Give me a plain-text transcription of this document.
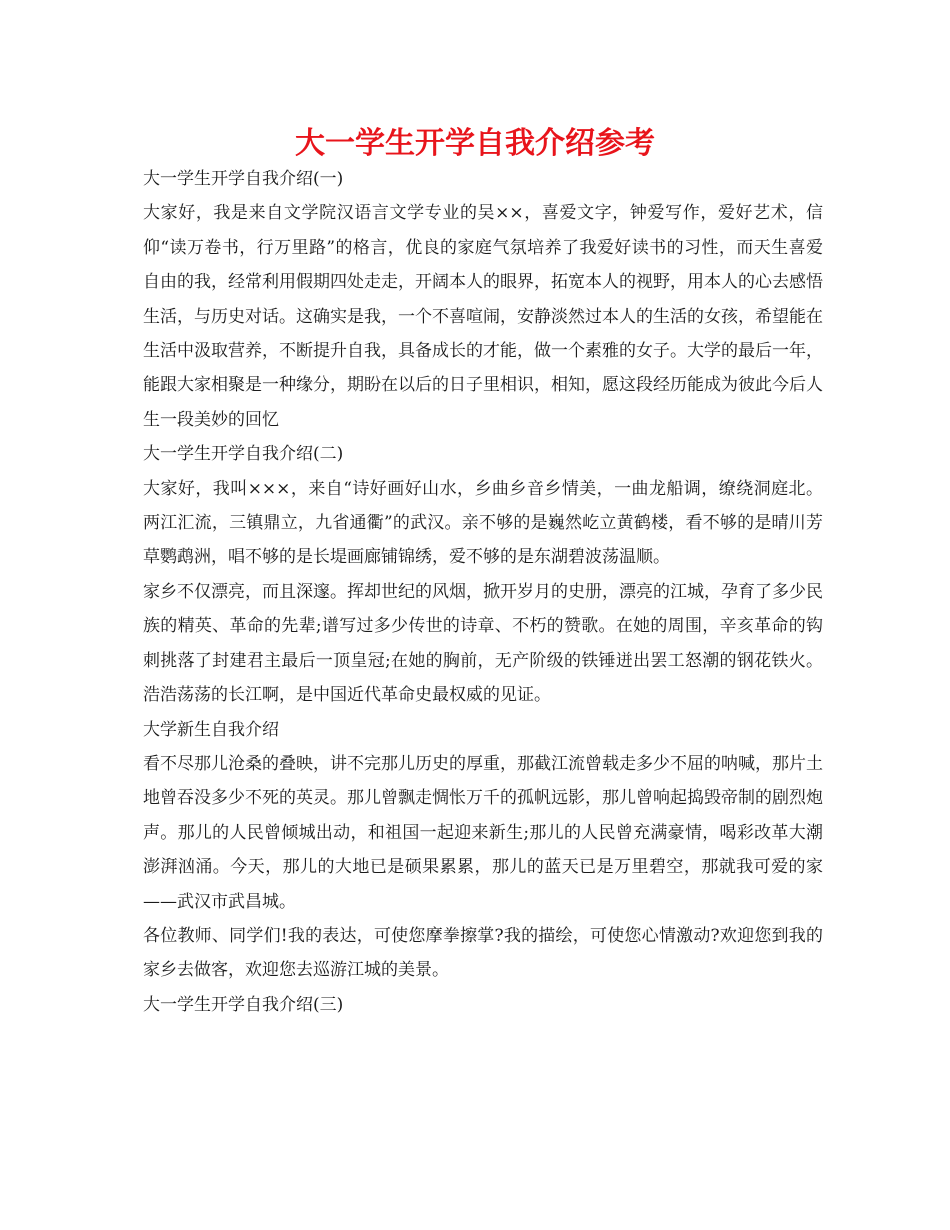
大一学生开学自我介绍参考

大一学生开学自我介绍(一)

大家好，我是来自文学院汉语言文学专业的吴××，喜爱文字，钟爱写作，爱好艺术，信仰“读万卷书，行万里路”的格言，优良的家庭气氛培养了我爱好读书的习性，而天生喜爱自由的我，经常利用假期四处走走，开阔本人的眼界，拓宽本人的视野，用本人的心去感悟生活，与历史对话。这确实是我，一个不喜喧闹，安静淡然过本人的生活的女孩，希望能在生活中汲取营养，不断提升自我，具备成长的才能，做一个素雅的女子。大学的最后一年，能跟大家相聚是一种缘分，期盼在以后的日子里相识，相知，愿这段经历能成为彼此今后人生一段美妙的回忆

大一学生开学自我介绍(二)

大家好，我叫×××，来自“诗好画好山水，乡曲乡音乡情美，一曲龙船调，缭绕洞庭北。两江汇流，三镇鼎立，九省通衢”的武汉。亲不够的是巍然屹立黄鹤楼，看不够的是晴川芳草鹦鹉洲，唱不够的是长堤画廊铺锦绣，爱不够的是东湖碧波荡温顺。

家乡不仅漂亮，而且深邃。挥却世纪的风烟，掀开岁月的史册，漂亮的江城，孕育了多少民族的精英、革命的先辈;谱写过多少传世的诗章、不朽的赞歌。在她的周围，辛亥革命的钩刺挑落了封建君主最后一顶皇冠;在她的胸前，无产阶级的铁锤迸出罢工怒潮的钢花铁火。浩浩荡荡的长江啊，是中国近代革命史最权威的见证。

大学新生自我介绍

看不尽那儿沧桑的叠映，讲不完那儿历史的厚重，那截江流曾载走多少不屈的呐喊，那片土地曾吞没多少不死的英灵。那儿曾飘走惆怅万千的孤帆远影，那儿曾响起捣毁帝制的剧烈炮声。那儿的人民曾倾城出动，和祖国一起迎来新生;那儿的人民曾充满豪情，喝彩改革大潮澎湃汹涌。今天，那儿的大地已是硕果累累，那儿的蓝天已是万里碧空，那就我可爱的家——武汉市武昌城。

各位教师、同学们!我的表达，可使您摩拳擦掌?我的描绘，可使您心情激动?欢迎您到我的家乡去做客，欢迎您去巡游江城的美景。

大一学生开学自我介绍(三)
